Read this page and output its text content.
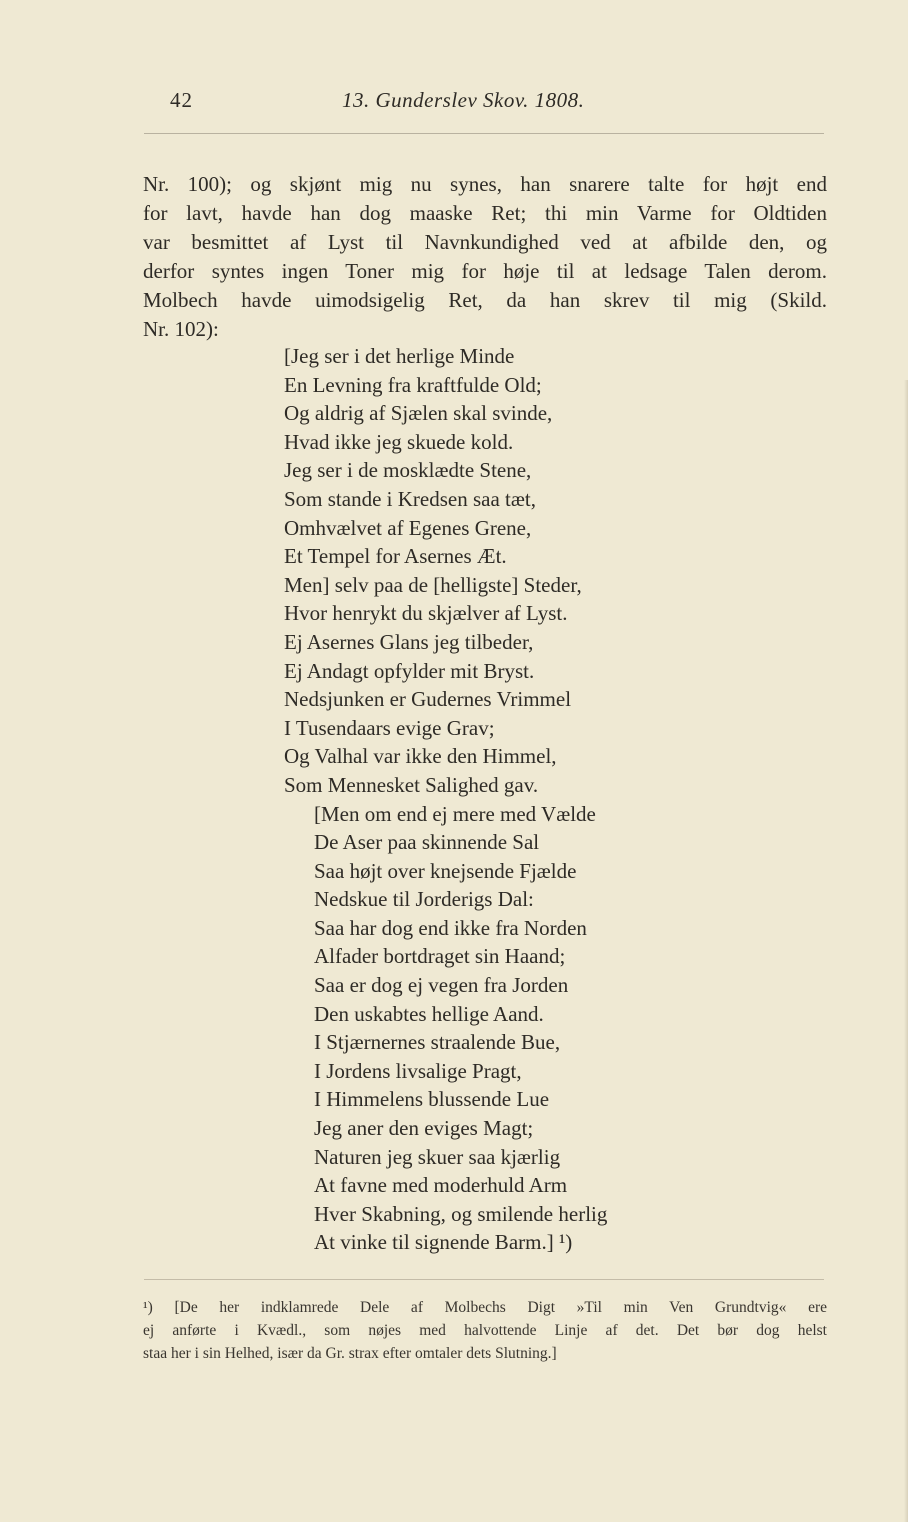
42	13. Gunderslev Skov. 1808.
Nr. 100); og skjønt mig nu synes, han snarere talte for højt end
for lavt, havde han dog maaske Ret; thi min Varme for Oldtiden
var besmittet af Lyst til Navnkundighed ved at afbilde den, og
derfor syntes ingen Toner mig for høje til at ledsage Talen derom.
Molbech havde uimodsigelig Ret, da han skrev til mig (Skild.
Nr. 102):
[Jeg ser i det herlige Minde
En Levning fra kraftfulde Old;
Og aldrig af Sjælen skal svinde,
Hvad ikke jeg skuede kold.
Jeg ser i de mosklædte Stene,
Som stande i Kredsen saa tæt,
Omhvælvet af Egenes Grene,
Et Tempel for Asernes Æt.
Men] selv paa de [helligste] Steder,
Hvor henrykt du skjælver af Lyst.
Ej Asernes Glans jeg tilbeder,
Ej Andagt opfylder mit Bryst.
Nedsjunken er Gudernes Vrimmel
I Tusendaars evige Grav;
Og Valhal var ikke den Himmel,
Som Mennesket Salighed gav.
[Men om end ej mere med Vælde
De Aser paa skinnende Sal
Saa højt over knejsende Fjælde
Nedskue til Jorderigs Dal:
Saa har dog end ikke fra Norden
Alfader bortdraget sin Haand;
Saa er dog ej vegen fra Jorden
Den uskabtes hellige Aand.
I Stjærnernes straalende Bue,
I Jordens livsalige Pragt,
I Himmelens blussende Lue
Jeg aner den eviges Magt;
Naturen jeg skuer saa kjærlig
At favne med moderhuld Arm
Hver Skabning, og smilende herlig
At vinke til signende Barm.] ¹)
¹) [De her indklamrede Dele af Molbechs Digt »Til min Ven Grundtvig« ere
ej anførte i Kvædl., som nøjes med halvottende Linje af det. Det bør dog helst
staa her i sin Helhed, især da Gr. strax efter omtaler dets Slutning.]
